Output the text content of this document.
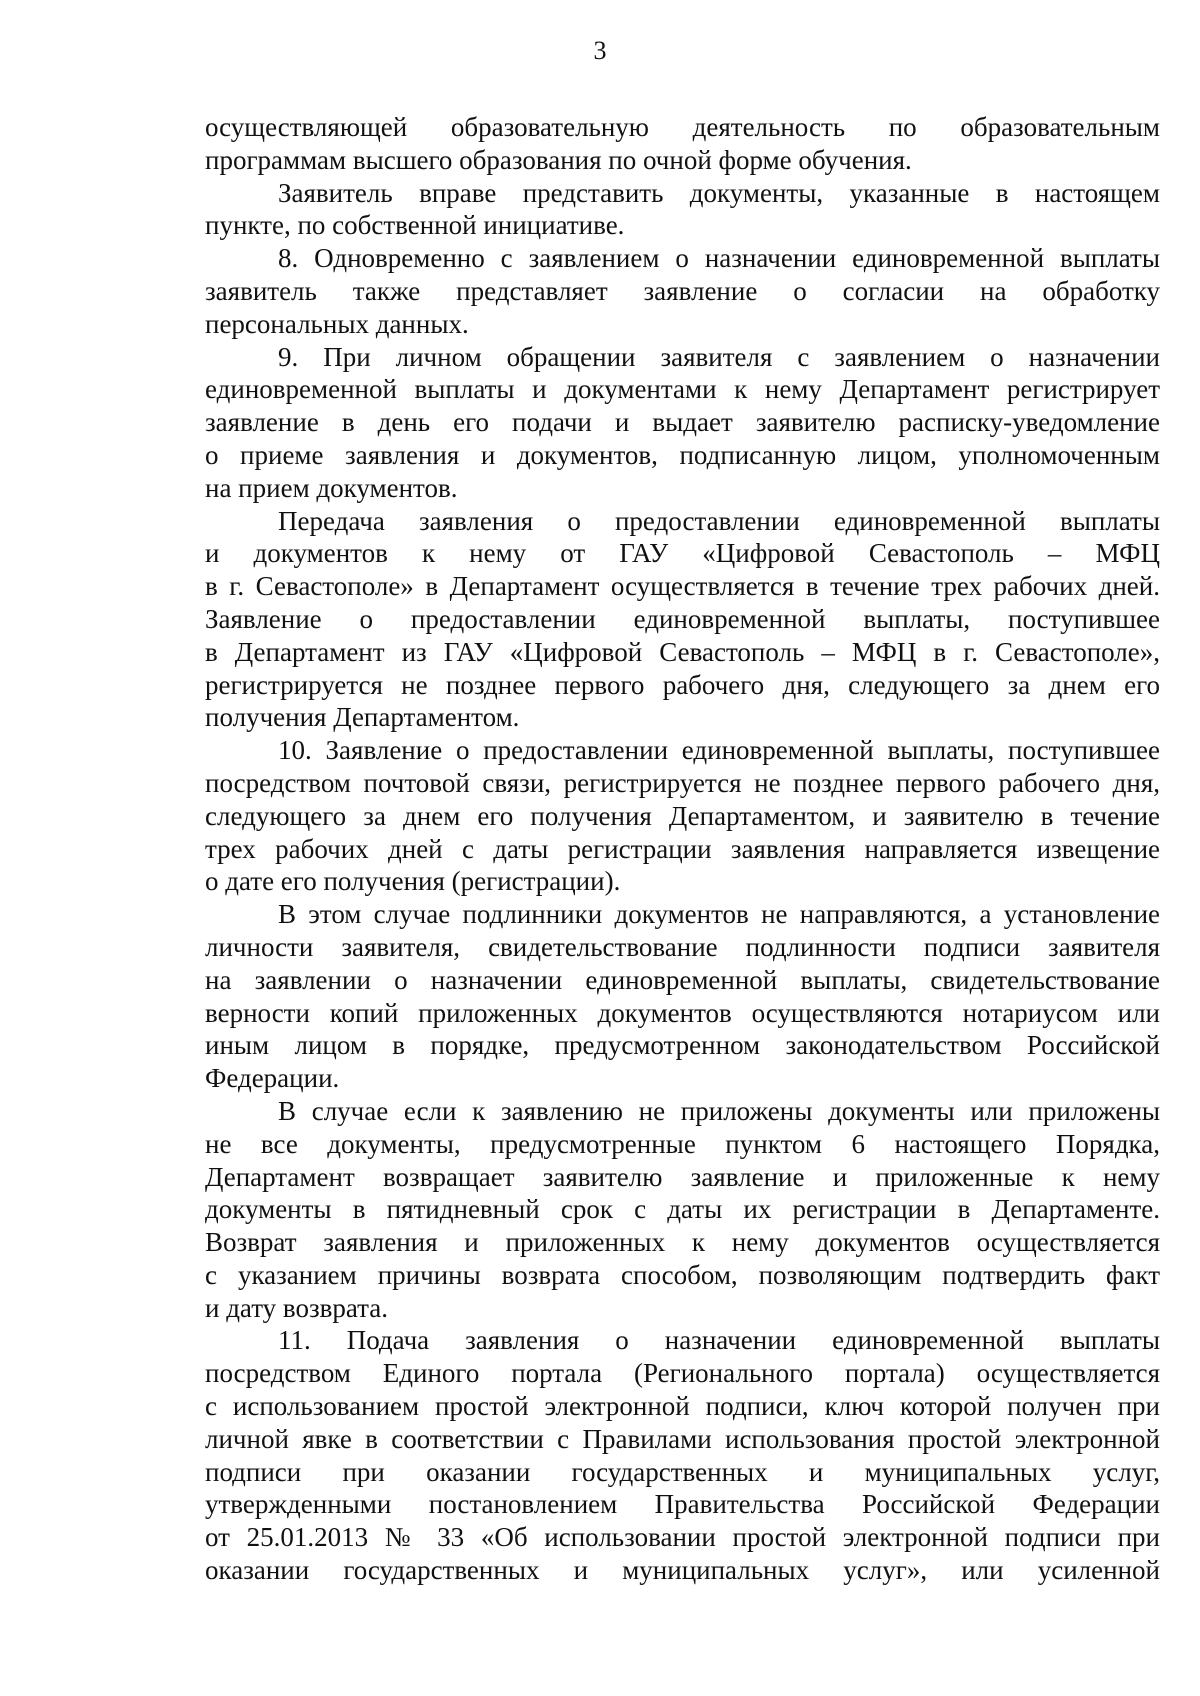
3
осуществляющей образовательную деятельность по образовательным
программам высшего образования по очной форме обучения.
Заявитель вправе представить документы, указанные в настоящем
пункте, по собственной инициативе.
8. Одновременно с заявлением о назначении единовременной выплаты
заявитель также представляет заявление о согласии на обработку
персональных данных.
9. При личном обращении заявителя с заявлением о назначении
единовременной выплаты и документами к нему Департамент регистрирует
заявление в день его подачи и выдает заявителю расписку-уведомление
о приеме заявления и документов, подписанную лицом, уполномоченным
на прием документов.
Передача заявления о предоставлении единовременной выплаты
и документов к нему от ГАУ «Цифровой Севастополь – МФЦ
в г. Севастополе» в Департамент осуществляется в течение трех рабочих дней.
Заявление о предоставлении единовременной выплаты, поступившее
в Департамент из ГАУ «Цифровой Севастополь – МФЦ в г. Севастополе»,
регистрируется не позднее первого рабочего дня, следующего за днем его
получения Департаментом.
10. Заявление о предоставлении единовременной выплаты, поступившее
посредством почтовой связи, регистрируется не позднее первого рабочего дня,
следующего за днем его получения Департаментом, и заявителю в течение
трех рабочих дней с даты регистрации заявления направляется извещение
о дате его получения (регистрации).
В этом случае подлинники документов не направляются, а установление
личности заявителя, свидетельствование подлинности подписи заявителя
на заявлении о назначении единовременной выплаты, свидетельствование
верности копий приложенных документов осуществляются нотариусом или
иным лицом в порядке, предусмотренном законодательством Российской
Федерации.
В случае если к заявлению не приложены документы или приложены
не все документы, предусмотренные пунктом 6 настоящего Порядка,
Департамент возвращает заявителю заявление и приложенные к нему
документы в пятидневный срок с даты их регистрации в Департаменте.
Возврат заявления и приложенных к нему документов осуществляется
с указанием причины возврата способом, позволяющим подтвердить факт
и дату возврата.
11. Подача заявления о назначении единовременной выплаты
посредством Единого портала (Регионального портала) осуществляется
с использованием простой электронной подписи, ключ которой получен при
личной явке в соответствии с Правилами использования простой электронной
подписи при оказании государственных и муниципальных услуг,
утвержденными постановлением Правительства Российской Федерации
от 25.01.2013 № 33 «Об использовании простой электронной подписи при
оказании государственных и муниципальных услуг», или усиленной
